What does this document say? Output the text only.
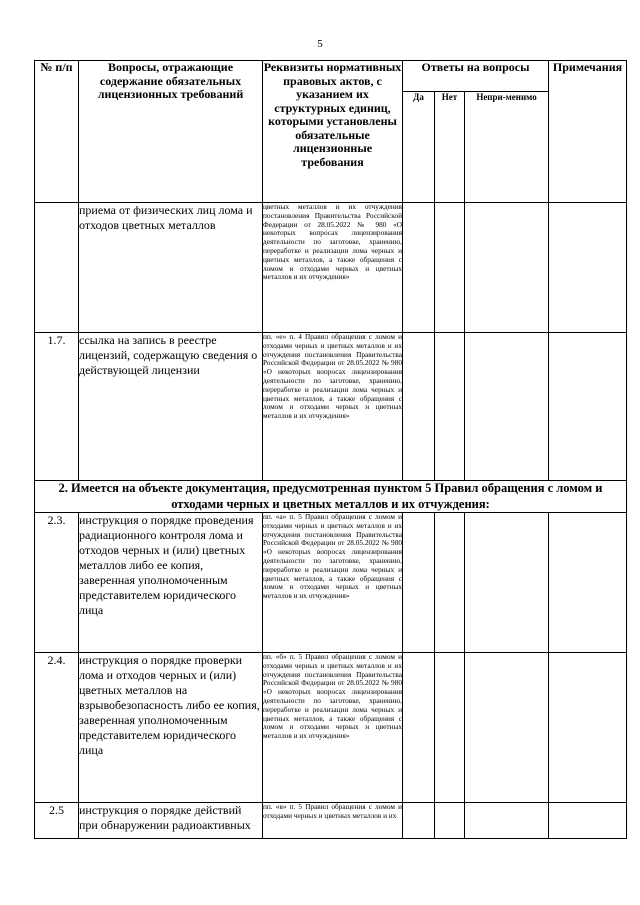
5
№ п/п	Вопросы, отражающие содержание обязательных лицензионных требований	Реквизиты нормативных правовых актов, с указанием их структурных единиц, которыми установлены обязательные лицензионные требования	Ответы на вопросы			Примечания
			Да	Нет	Непри-менимо	
	приема от физических лиц лома и отходов цветных металлов	цветных металлов и их отчуждения постановления Правительства Российской Федерации от 28.05.2022 № 980 «О некоторых вопросах лицензирования деятельности по заготовке, хранению, переработке и реализации лома черных и цветных металлов, а также обращения с ломом и отходами черных и цветных металлов и их отчуждения»				
1.7.	ссылка на запись в реестре лицензий, содержащую сведения о действующей лицензии	пп. «е» п. 4 Правил обращения с ломом и отходами черных и цветных металлов и их отчуждения постановления Правительства Российской Федерации от 28.05.2022 № 980 «О некоторых вопросах лицензирования деятельности по заготовке, хранению, переработке и реализации лома черных и цветных металлов, а также обращения с ломом и отходами черных и цветных металлов и их отчуждения»				
2. Имеется на объекте документация, предусмотренная пунктом 5 Правил обращения с ломом и отходами черных и цветных металлов и их отчуждения:						
2.3.	инструкция о порядке проведения радиационного контроля лома и отходов черных и (или) цветных металлов либо ее копия, заверенная уполномоченным представителем юридического лица	пп. «а» п. 5 Правил обращения с ломом и отходами черных и цветных металлов и их отчуждения постановления Правительства Российской Федерации от 28.05.2022 № 980 «О некоторых вопросах лицензирования деятельности по заготовке, хранению, переработке и реализации лома черных и цветных металлов, а также обращения с ломом и отходами черных и цветных металлов и их отчуждения»				
2.4.	инструкция о порядке проверки лома и отходов черных и (или) цветных металлов на взрывобезопасность либо ее копия, заверенная уполномоченным представителем юридического лица	пп. «б» п. 5 Правил обращения с ломом и отходами черных и цветных металлов и их отчуждения постановления Правительства Российской Федерации от 28.05.2022 № 980 «О некоторых вопросах лицензирования деятельности по заготовке, хранению, переработке и реализации лома черных и цветных металлов, а также обращения с ломом и отходами черных и цветных металлов и их отчуждения»				
2.5	инструкция о порядке действий при обнаружении радиоактивных	пп. «в» п. 5 Правил обращения с ломом и отходами черных и цветных металлов и их				
